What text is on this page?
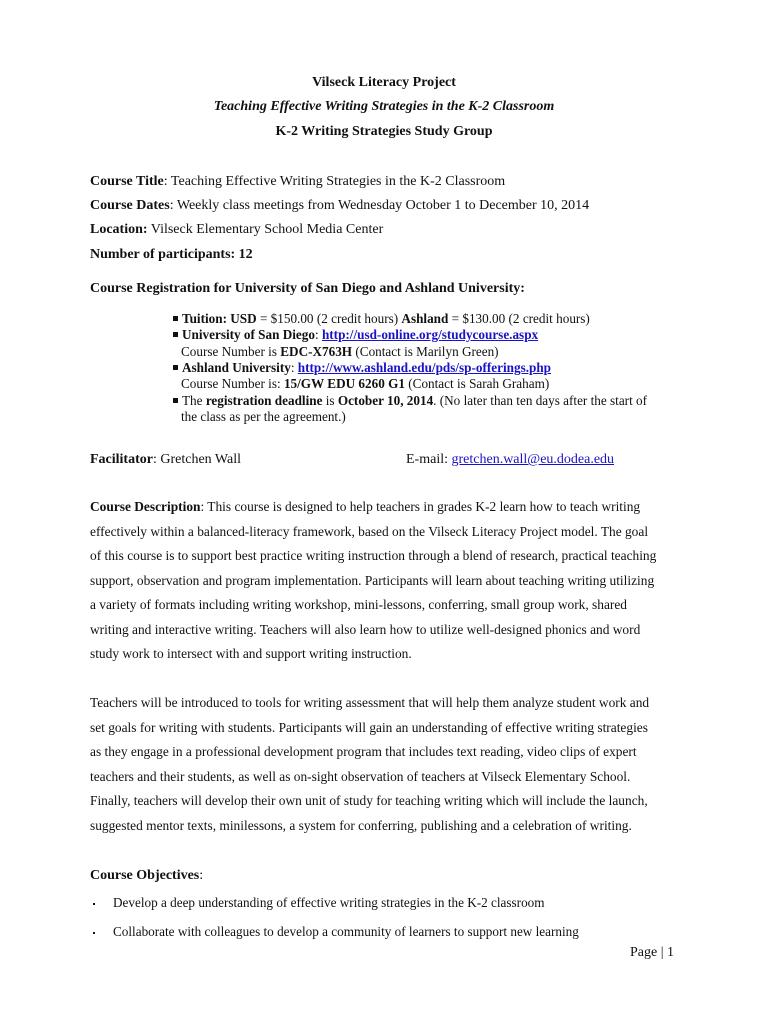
Vilseck Literacy Project
Teaching Effective Writing Strategies in the K-2 Classroom
K-2 Writing Strategies Study Group
Course Title: Teaching Effective Writing Strategies in the K-2 Classroom
Course Dates: Weekly class meetings from Wednesday October 1 to December 10, 2014
Location: Vilseck Elementary School Media Center
Number of participants: 12
Course Registration for University of San Diego and Ashland University:
Tuition: USD = $150.00 (2 credit hours) Ashland = $130.00 (2 credit hours)
University of San Diego: http://usd-online.org/studycourse.aspx
Course Number is EDC-X763H (Contact is Marilyn Green)
Ashland University: http://www.ashland.edu/pds/sp-offerings.php
Course Number is: 15/GW EDU 6260 G1 (Contact is Sarah Graham)
The registration deadline is October 10, 2014. (No later than ten days after the start of
the class as per the agreement.)
Facilitator: Gretchen Wall	E-mail: gretchen.wall@eu.dodea.edu
Course Description: This course is designed to help teachers in grades K-2 learn how to teach writing
effectively within a balanced-literacy framework, based on the Vilseck Literacy Project model. The goal
of this course is to support best practice writing instruction through a blend of research, practical teaching
support, observation and program implementation. Participants will learn about teaching writing utilizing
a variety of formats including writing workshop, mini-lessons, conferring, small group work, shared
writing and interactive writing. Teachers will also learn how to utilize well-designed phonics and word
study work to intersect with and support writing instruction.
Teachers will be introduced to tools for writing assessment that will help them analyze student work and
set goals for writing with students. Participants will gain an understanding of effective writing strategies
as they engage in a professional development program that includes text reading, video clips of expert
teachers and their students, as well as on-sight observation of teachers at Vilseck Elementary School.
Finally, teachers will develop their own unit of study for teaching writing which will include the launch,
suggested mentor texts, minilessons, a system for conferring, publishing and a celebration of writing.
Course Objectives:
Develop a deep understanding of effective writing strategies in the K-2 classroom
Collaborate with colleagues to develop a community of learners to support new learning
Page | 1
